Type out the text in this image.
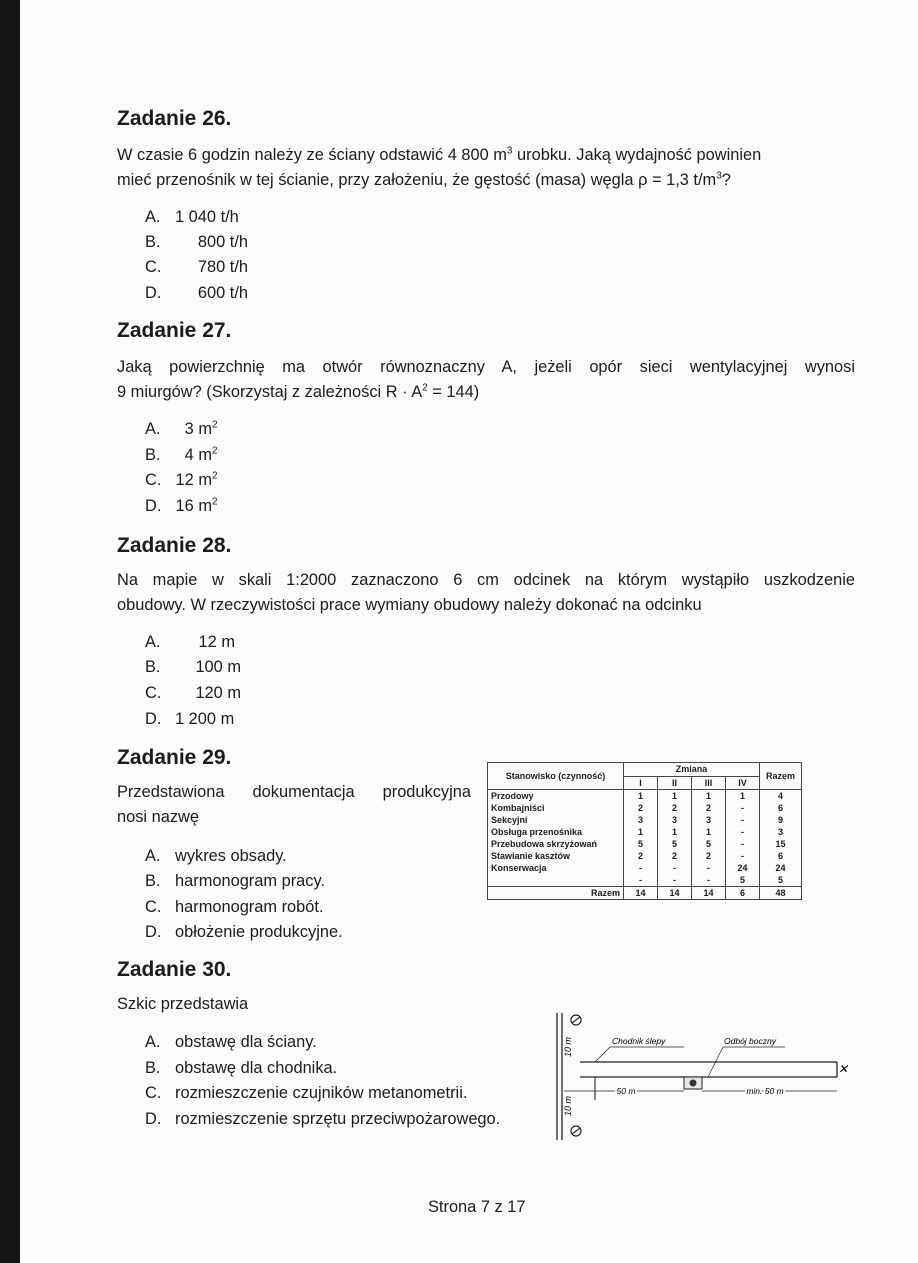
Zadanie 26.

W czasie 6 godzin należy ze ściany odstawić 4 800 $m^3$ urobku. Jaką wydajność powinien

mieć przenośnik w tej ścianie, przy założeniu, że gęstość (masa) węgla ρ = 1,3 $t/m^3$?

A. 1 040 t/h
B. 800 t/h
C. 780 t/h
D. 600 t/h
Zadanie 27.

Jaką powierzchnię ma otwór równoznaczny A, jeżeli opór sieci wentylacyjnej wynosi

9 miurgów? (Skorzystaj z zależności $R \cdot A^2 = 144$)

A. 3 $m^2$
B. 4 $m^2$
C. 12 $m^2$
D. 16 $m^2$
Zadanie 28.

Na mapie w skali 1:2000 zaznaczono 6 cm odcinek na którym wystąpiło uszkodzenie

obudowy. W rzeczywistości prace wymiany obudowy należy dokonać na odcinku

A. 12 m
B. 100 m
C. 120 m
D. 1 200 m
Zadanie 29.

Przedstawiona dokumentacja produkcyjna

nosi nazwę

A. wykres obsady.
B. harmonogram pracy.
C. harmonogram robót.
D. obłożenie produkcyjne.
Stanowisko (czynność)	Zmiana				Razem
	I	II	III	IV	
Przodowy	1	1	1	1	4
Kombajniści	2	2	2	-	6
Sekcyjni	3	3	3	-	9
Obsługa przenośnika	1	1	1	-	3
Przebudowa skrzyżowań	5	5	5	-	15
Stawianie kasztów	2	2	2	-	6
Konserwacja	-	-	-	24	24
	-	-	-	5	5
Razem	14	14	14	6	48
Zadanie 30.

Szkic przedstawia

A. obstawę dla ściany.
B. obstawę dla chodnika.
C. rozmieszczenie czujników metanometrii.
D. rozmieszczenie sprzętu przeciwpożarowego.
10 m
10 m
Chodnik ślepy	Odbój boczny
50 m	min. 50 m
✕
Strona 7 z 17
